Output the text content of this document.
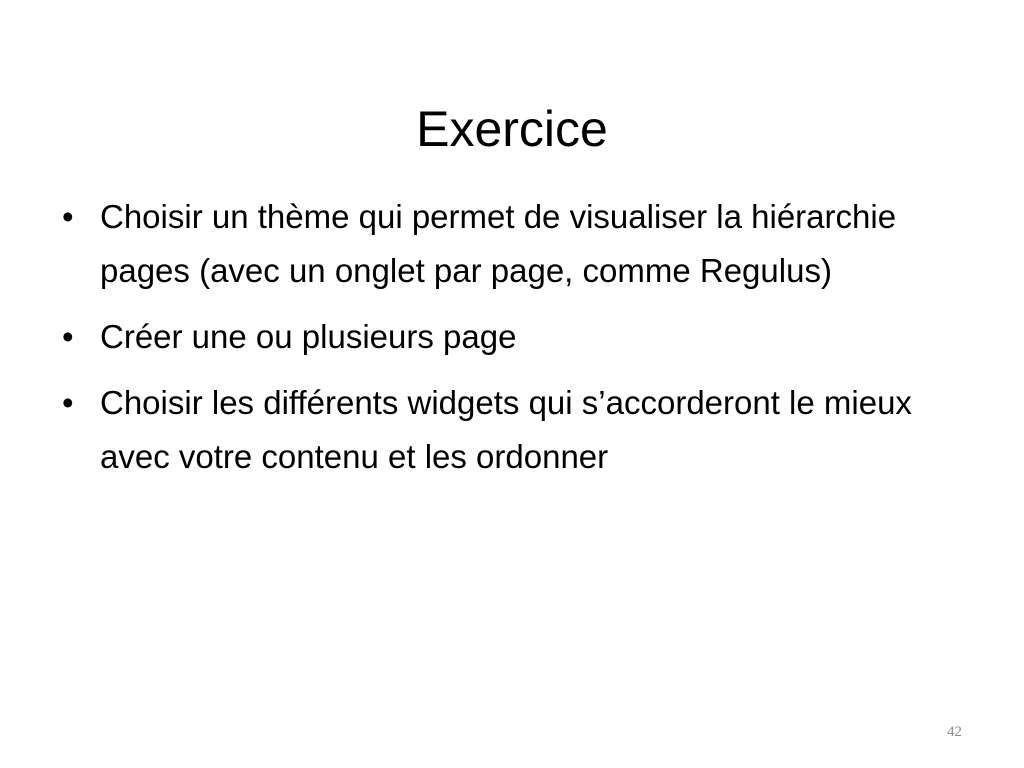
Exercice
• Choisir un thème qui permet de visualiser la hiérarchie pages (avec un onglet par page, comme Regulus)
• Créer une ou plusieurs page
• Choisir les différents widgets qui s’accorderont le mieux avec votre contenu et les ordonner
42
